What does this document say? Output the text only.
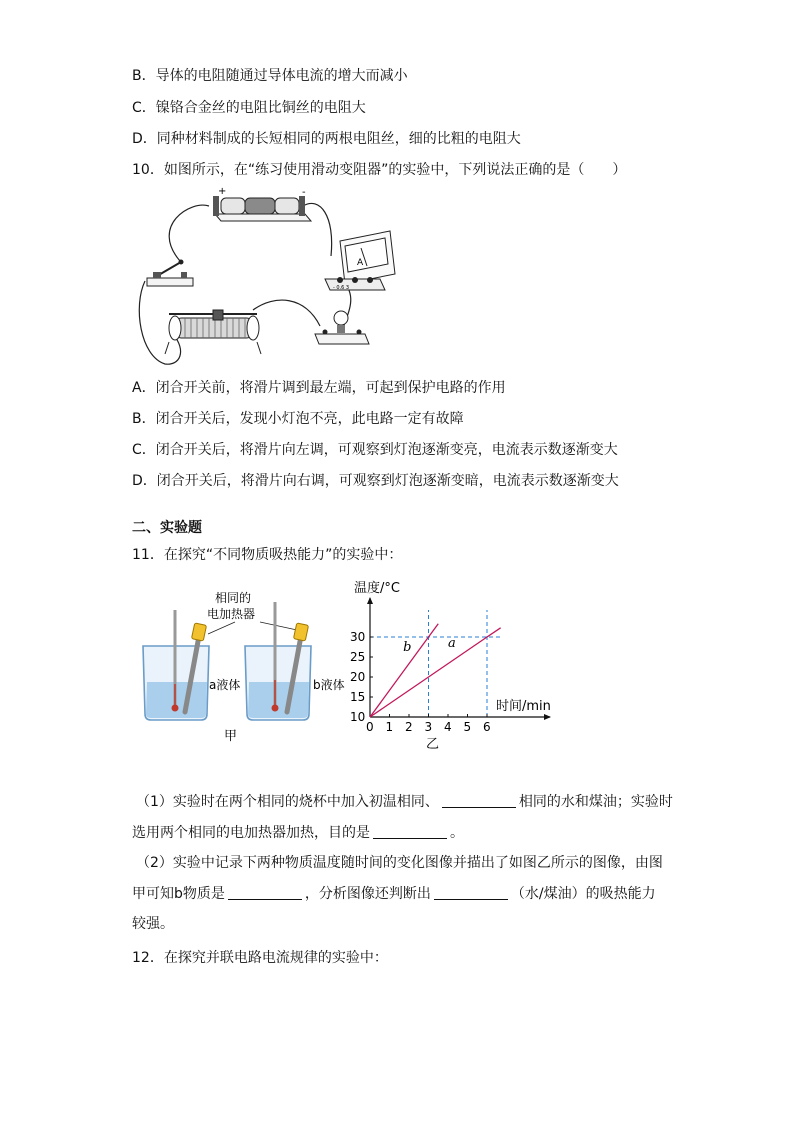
B．导体的电阻随通过导体电流的增大而减小
C．镍铬合金丝的电阻比铜丝的电阻大
D．同种材料制成的长短相同的两根电阻丝，细的比粗的电阻大
10．如图所示，在“练习使用滑动变阻器”的实验中，下列说法正确的是（　　）
+	-
A
- 0.6 3
A．闭合开关前，将滑片调到最左端，可起到保护电路的作用
B．闭合开关后，发现小灯泡不亮，此电路一定有故障
C．闭合开关后，将滑片向左调，可观察到灯泡逐渐变亮，电流表示数逐渐变大
D．闭合开关后，将滑片向右调，可观察到灯泡逐渐变暗，电流表示数逐渐变大
二、实验题
11．在探究“不同物质吸热能力”的实验中：
相同的
电加热器
a液体	b液体
甲
温度/°C
时间/min
0 1 2 3 4 5 6
10
15
20
25
30
b	a
乙
（1）实验时在两个相同的烧杯中加入初温相同、	相同的水和煤油；实验时
选用两个相同的电加热器加热，目的是	。
（2）实验中记录下两种物质温度随时间的变化图像并描出了如图乙所示的图像，由图
甲可知b物质是	，分析图像还判断出	（水/煤油）的吸热能力
较强。
12．在探究并联电路电流规律的实验中：
